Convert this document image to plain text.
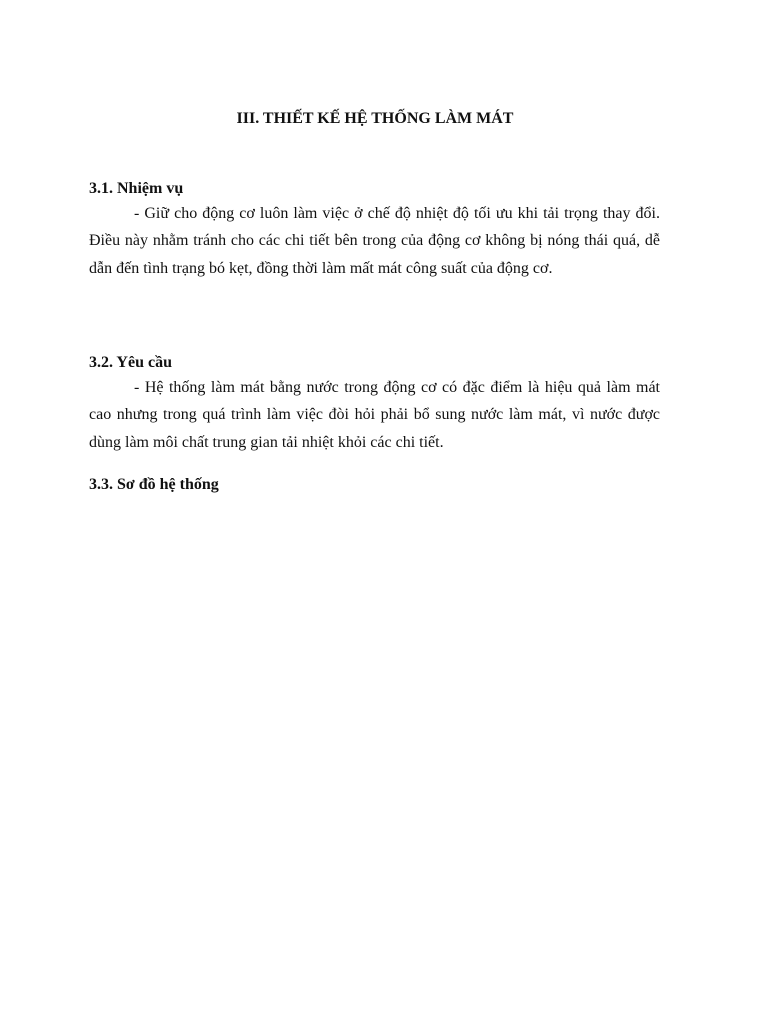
III. THIẾT KẾ HỆ THỐNG LÀM MÁT
3.1. Nhiệm vụ

- Giữ cho động cơ luôn làm việc ở chế độ nhiệt độ tối ưu khi tải trọng thay đổi. Điều này nhằm tránh cho các chi tiết bên trong của động cơ không bị nóng thái quá, dễ dẫn đến tình trạng bó kẹt, đồng thời làm mất mát công suất của động cơ.

3.2. Yêu cầu

- Hệ thống làm mát bằng nước trong động cơ có đặc điểm là hiệu quả làm mát cao nhưng trong quá trình làm việc đòi hỏi phải bổ sung nước làm mát, vì nước được dùng làm môi chất trung gian tải nhiệt khỏi các chi tiết.

3.3. Sơ đồ hệ thống
